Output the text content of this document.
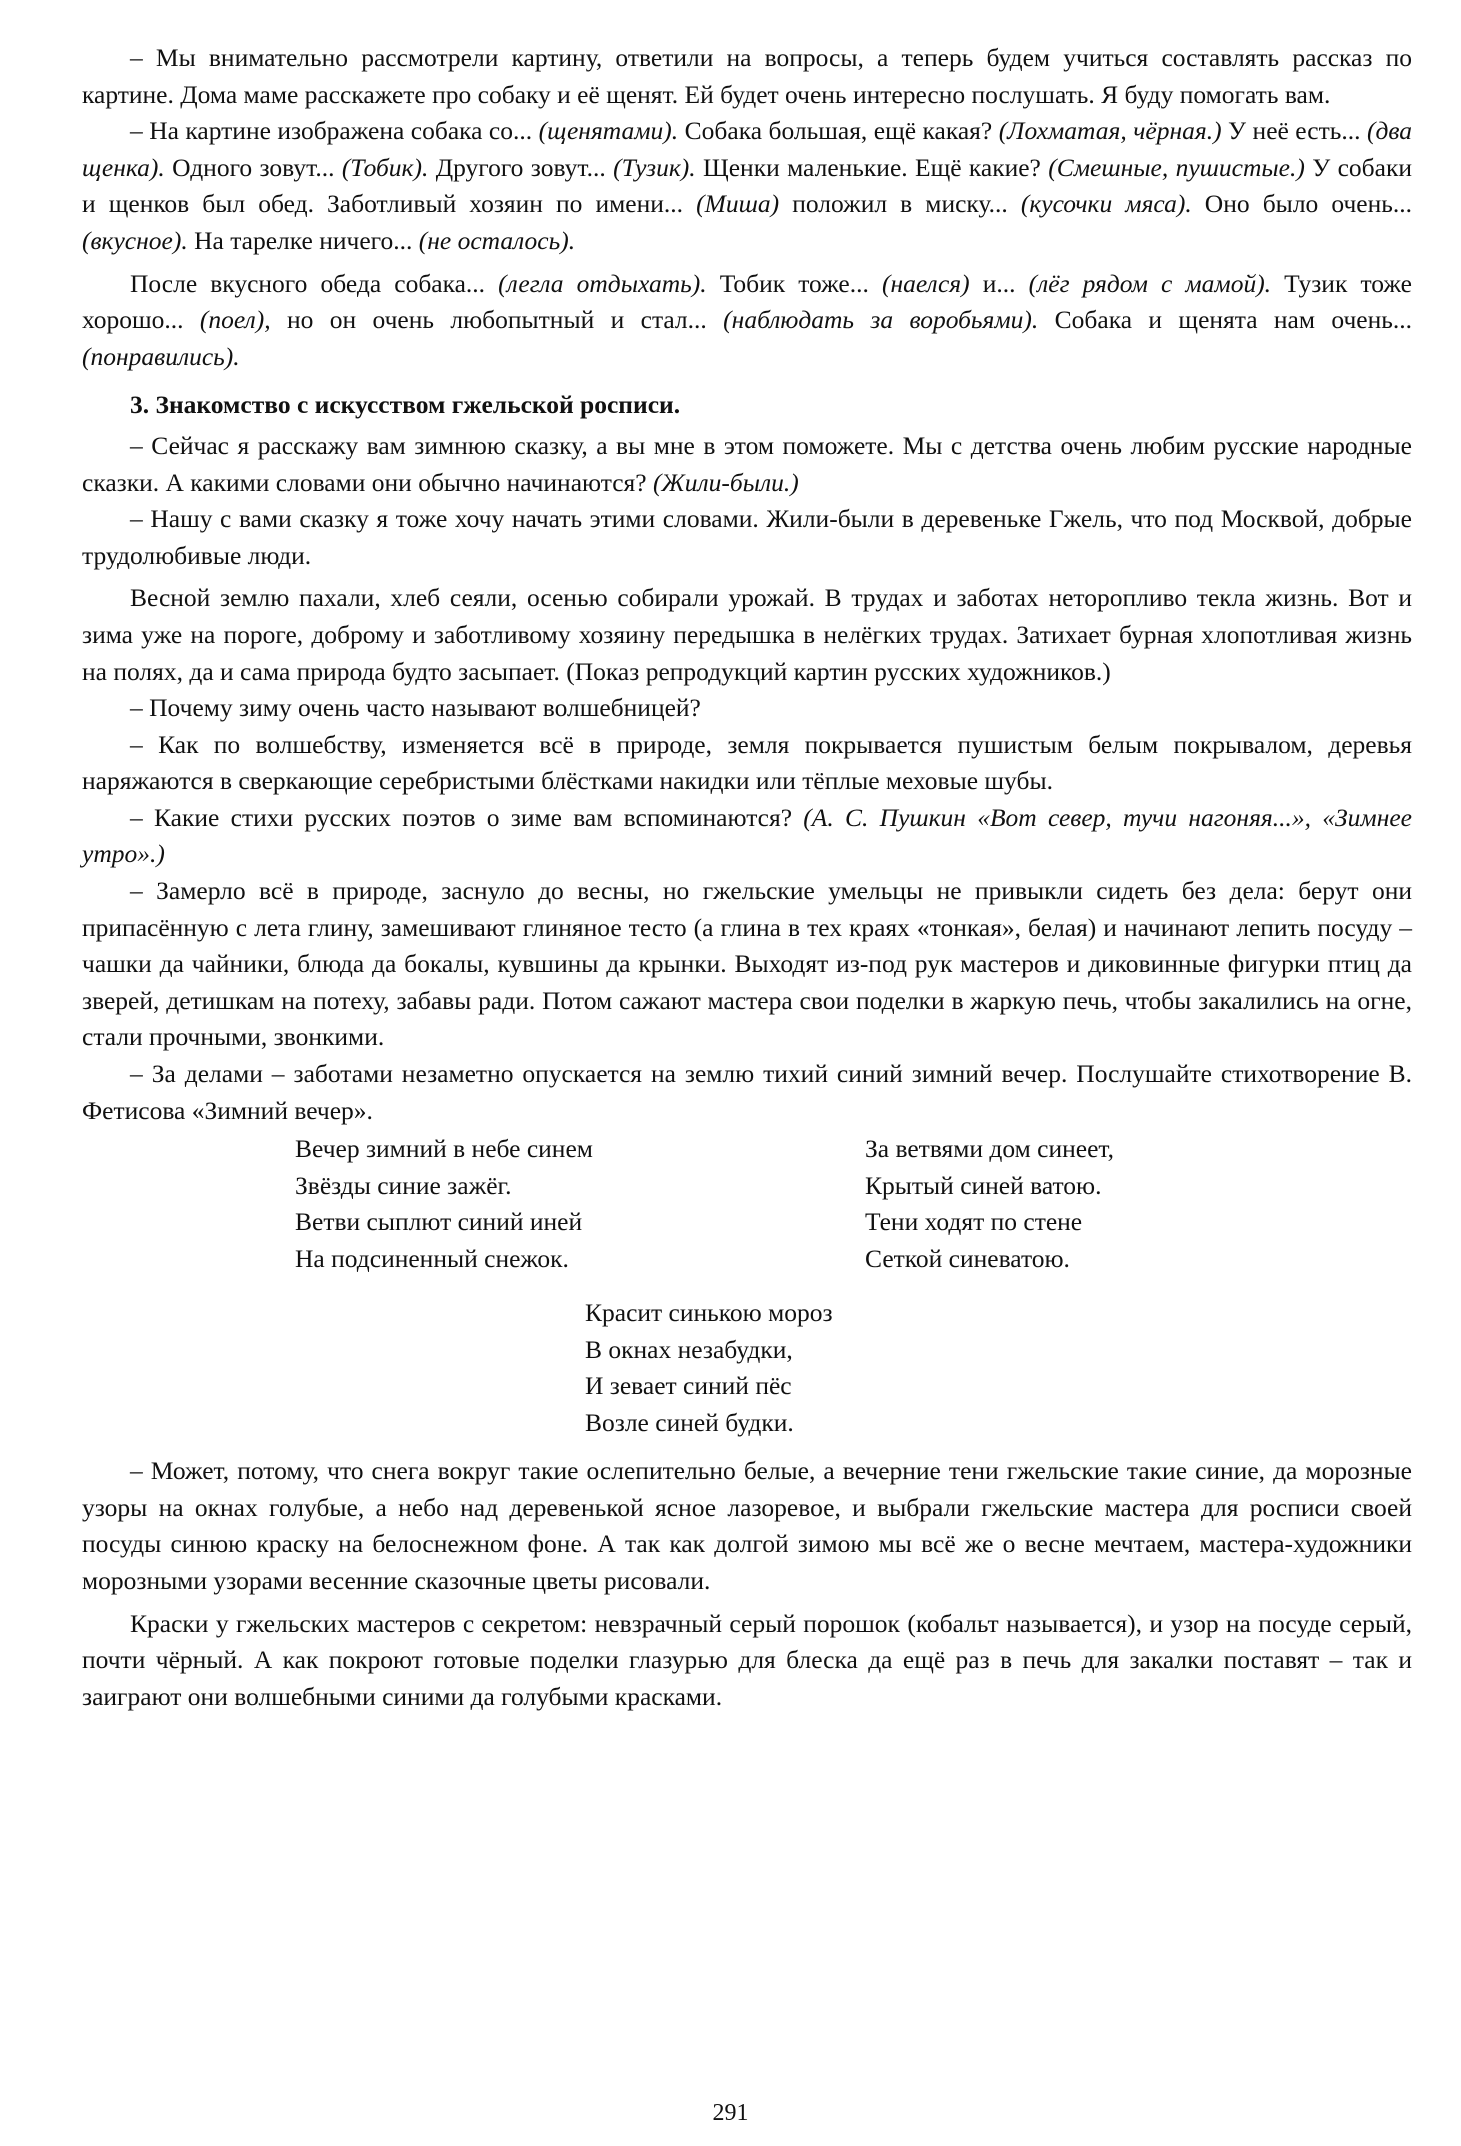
– Мы внимательно рассмотрели картину, ответили на вопросы, а теперь будем учиться составлять рассказ по картине. Дома маме расскажете про собаку и её щенят. Ей будет очень интересно послушать. Я буду помогать вам.

– На картине изображена собака со... (щенятами). Собака большая, ещё какая? (Лохматая, чёрная.) У неё есть... (два щенка). Одного зовут... (Тобик). Другого зовут... (Тузик). Щенки маленькие. Ещё какие? (Смешные, пушистые.) У собаки и щенков был обед. Заботливый хозяин по имени... (Миша) положил в миску... (кусочки мяса). Оно было очень... (вкусное). На тарелке ничего... (не осталось).

После вкусного обеда собака... (легла отдыхать). Тобик тоже... (наелся) и... (лёг рядом с мамой). Тузик тоже хорошо... (поел), но он очень любопытный и стал... (наблюдать за воробьями). Собака и щенята нам очень... (понравились).

3. Знакомство с искусством гжельской росписи.

– Сейчас я расскажу вам зимнюю сказку, а вы мне в этом поможете. Мы с детства очень любим русские народные сказки. А какими словами они обычно начинаются? (Жили-были.)

– Нашу с вами сказку я тоже хочу начать этими словами. Жили-были в деревеньке Гжель, что под Москвой, добрые трудолюбивые люди.

Весной землю пахали, хлеб сеяли, осенью собирали урожай. В трудах и заботах неторопливо текла жизнь. Вот и зима уже на пороге, доброму и заботливому хозяину передышка в нелёгких трудах. Затихает бурная хлопотливая жизнь на полях, да и сама природа будто засыпает. (Показ репродукций картин русских художников.)

– Почему зиму очень часто называют волшебницей?

– Как по волшебству, изменяется всё в природе, земля покрывается пушистым белым покрывалом, деревья наряжаются в сверкающие серебристыми блёстками накидки или тёплые меховые шубы.

– Какие стихи русских поэтов о зиме вам вспоминаются? (А. С. Пушкин «Вот север, тучи нагоняя...», «Зимнее утро».)

– Замерло всё в природе, заснуло до весны, но гжельские умельцы не привыкли сидеть без дела: берут они припасённую с лета глину, замешивают глиняное тесто (а глина в тех краях «тонкая», белая) и начинают лепить посуду – чашки да чайники, блюда да бокалы, кувшины да крынки. Выходят из-под рук мастеров и диковинные фигурки птиц да зверей, детишкам на потеху, забавы ради. Потом сажают мастера свои поделки в жаркую печь, чтобы закалились на огне, стали прочными, звонкими.

– За делами – заботами незаметно опускается на землю тихий синий зимний вечер. Послушайте стихотворение В. Фетисова «Зимний вечер».

Вечер зимний в небе синем
Звёзды синие зажёг.
Ветви сыплют синий иней
На подсиненный снежок.
За ветвями дом синеет,
Крытый синей ватою.
Тени ходят по стене
Сеткой синеватою.
Красит синькою мороз
В окнах незабудки,
И зевает синий пёс
Возле синей будки.

– Может, потому, что снега вокруг такие ослепительно белые, а вечерние тени гжельские такие синие, да морозные узоры на окнах голубые, а небо над деревенькой ясное лазоревое, и выбрали гжельские мастера для росписи своей посуды синюю краску на белоснежном фоне. А так как долгой зимою мы всё же о весне мечтаем, мастера-художники морозными узорами весенние сказочные цветы рисовали.

Краски у гжельских мастеров с секретом: невзрачный серый порошок (кобальт называется), и узор на посуде серый, почти чёрный. А как покроют готовые поделки глазурью для блеска да ещё раз в печь для закалки поставят – так и заиграют они волшебными синими да голубыми красками.

291
